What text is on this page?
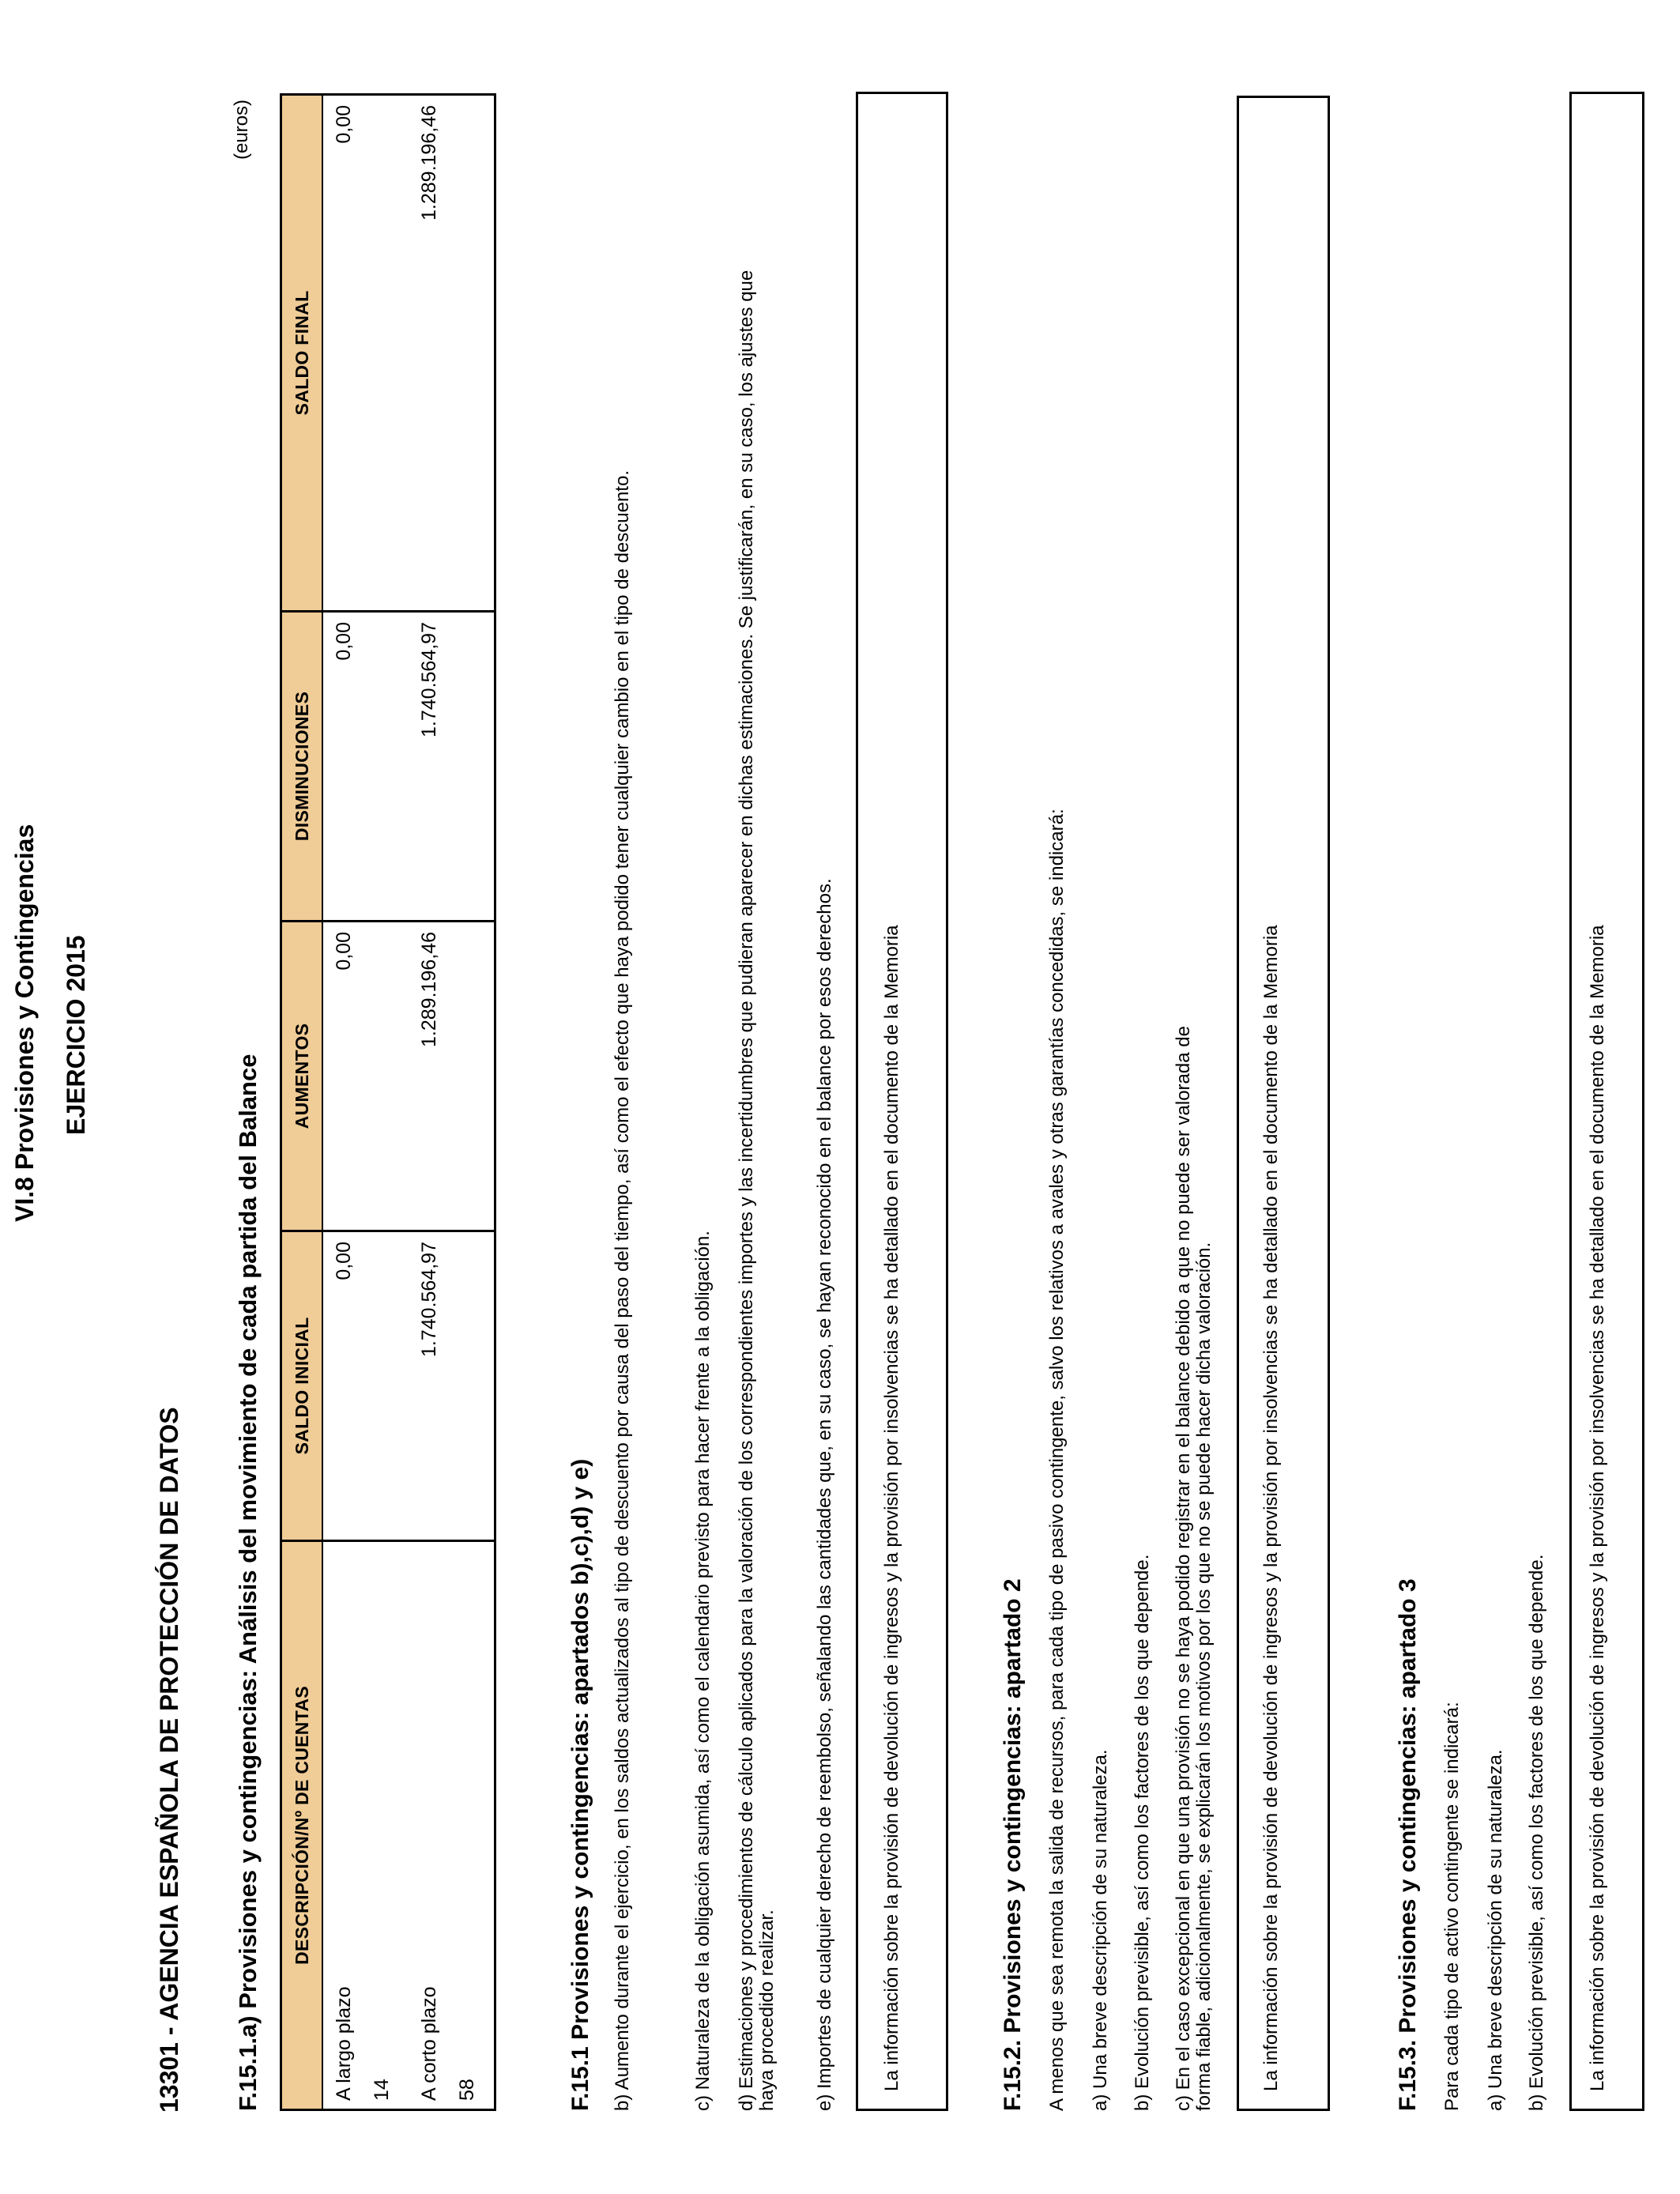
VI.8 Provisiones y Contingencias EJERCICIO 2015
13301 - AGENCIA ESPAÑOLA DE PROTECCIÓN DE DATOS F.15.1.a) Provisiones y contingencias: Análisis del movimiento de cada partida del Balance
(euros)
DESCRIPCIÓN/Nº DE CUENTAS	SALDO INICIAL	AUMENTOS	DISMINUCIONES	SALDO FINAL

A largo plazo 14	0,00	0,00	0,00	0,00

A corto plazo 58	1.740.564,97	1.289.196,46	1.740.564,97	1.289.196,46
F.15.1 Provisiones y contingencias: apartados b),c),d) y e) b) Aumento durante el ejercicio, en los saldos actualizados al tipo de descuento por causa del paso del tiempo, así como el efecto que haya podido tener cualquier cambio en el tipo de descuento.	c) Naturaleza de la obligación asumida, así como el calendario previsto para hacer frente a la obligación. d) Estimaciones y procedimientos de cálculo aplicados para la valoración de los correspondientes importes y las incertidumbres que pudieran aparecer en dichas estimaciones. Se justificarán, en su caso, los ajustes que haya procedido realizar. e) Importes de cualquier derecho de reembolso, señalando las cantidades que, en su caso, se hayan reconocido en el balance por esos derechos.	La información sobre la provisión de devolución de ingresos y la provisión por insolvencias se ha detallado en el documento de la Memoria	F.15.2. Provisiones y contingencias: apartado 2 A menos que sea remota la salida de recursos, para cada tipo de pasivo contingente, salvo los relativos a avales y otras garantías concedidas, se indicará: a) Una breve descripción de su naturaleza. b) Evolución previsible, así como los factores de los que depende. c) En el caso excepcional en que una provisión no se haya podido registrar en el balance debido a que no puede ser valorada de forma fiable, adicionalmente, se explicarán los motivos por los que no se puede hacer dicha valoración.	La información sobre la provisión de devolución de ingresos y la provisión por insolvencias se ha detallado en el documento de la Memoria	F.15.3. Provisiones y contingencias: apartado 3 Para cada tipo de activo contingente se indicará: a) Una breve descripción de su naturaleza. b) Evolución previsible, así como los factores de los que depende.	La información sobre la provisión de devolución de ingresos y la provisión por insolvencias se ha detallado en el documento de la Memoria
